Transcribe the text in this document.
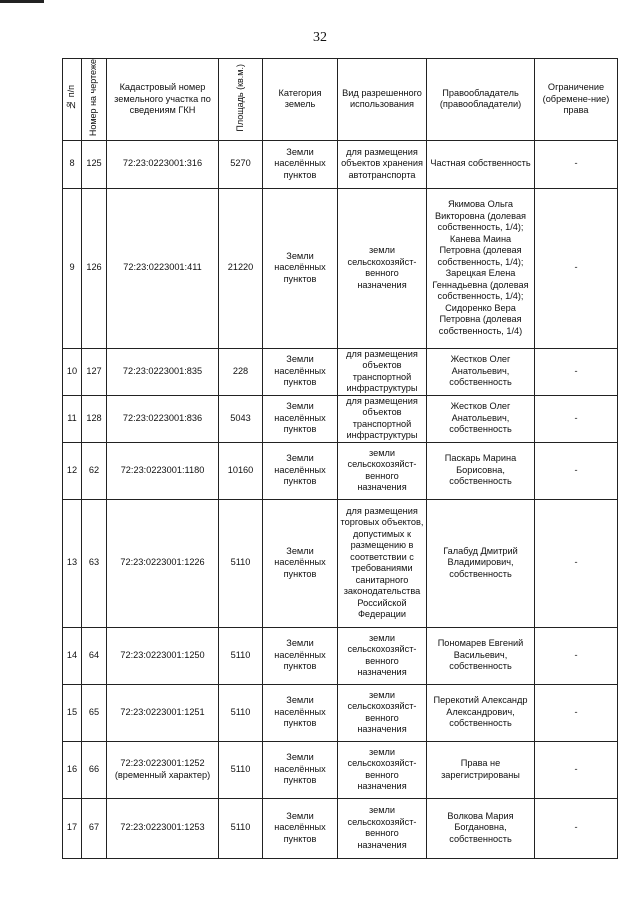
32
№ п/п	Номер на чертеже	Кадастровый номер земельного участка по сведениям ГКН	Площадь (кв.м.)	Категория земель	Вид разрешенного использования	Правообладатель (правообладатели)	Ограничение (обремене-ние) права
8	125	72:23:0223001:316	5270	Земли населённых пунктов	для размещения объектов хранения автотранспорта	Частная собственность	-
9	126	72:23:0223001:411	21220	Земли населённых пунктов	земли сельскохозяйст-венного назначения	Якимова Ольга Викторовна (долевая собственность, 1/4); Канева Маина Петровна (долевая собственность, 1/4); Зарецкая Елена Геннадьевна (долевая собственность, 1/4); Сидоренко Вера Петровна (долевая собственность, 1/4)	-
10	127	72:23:0223001:835	228	Земли населённых пунктов	для размещения объектов транспортной инфраструктуры	Жестков Олег Анатольевич, собственность	-
11	128	72:23:0223001:836	5043	Земли населённых пунктов	для размещения объектов транспортной инфраструктуры	Жестков Олег Анатольевич, собственность	-
12	62	72:23:0223001:1180	10160	Земли населённых пунктов	земли сельскохозяйст-венного назначения	Паскарь Марина Борисовна, собственность	-
13	63	72:23:0223001:1226	5110	Земли населённых пунктов	для размещения торговых объектов, допустимых к размещению в соответствии с требованиями санитарного законодательства Российской Федерации	Галабуд Дмитрий Владимирович, собственность	-
14	64	72:23:0223001:1250	5110	Земли населённых пунктов	земли сельскохозяйст-венного назначения	Пономарев Евгений Васильевич, собственность	-
15	65	72:23:0223001:1251	5110	Земли населённых пунктов	земли сельскохозяйст-венного назначения	Перекотий Александр Александрович, собственность	-
16	66	72:23:0223001:1252 (временный характер)	5110	Земли населённых пунктов	земли сельскохозяйст-венного назначения	Права не зарегистрированы	-
17	67	72:23:0223001:1253	5110	Земли населённых пунктов	земли сельскохозяйст-венного назначения	Волкова Мария Богдановна, собственность	-
